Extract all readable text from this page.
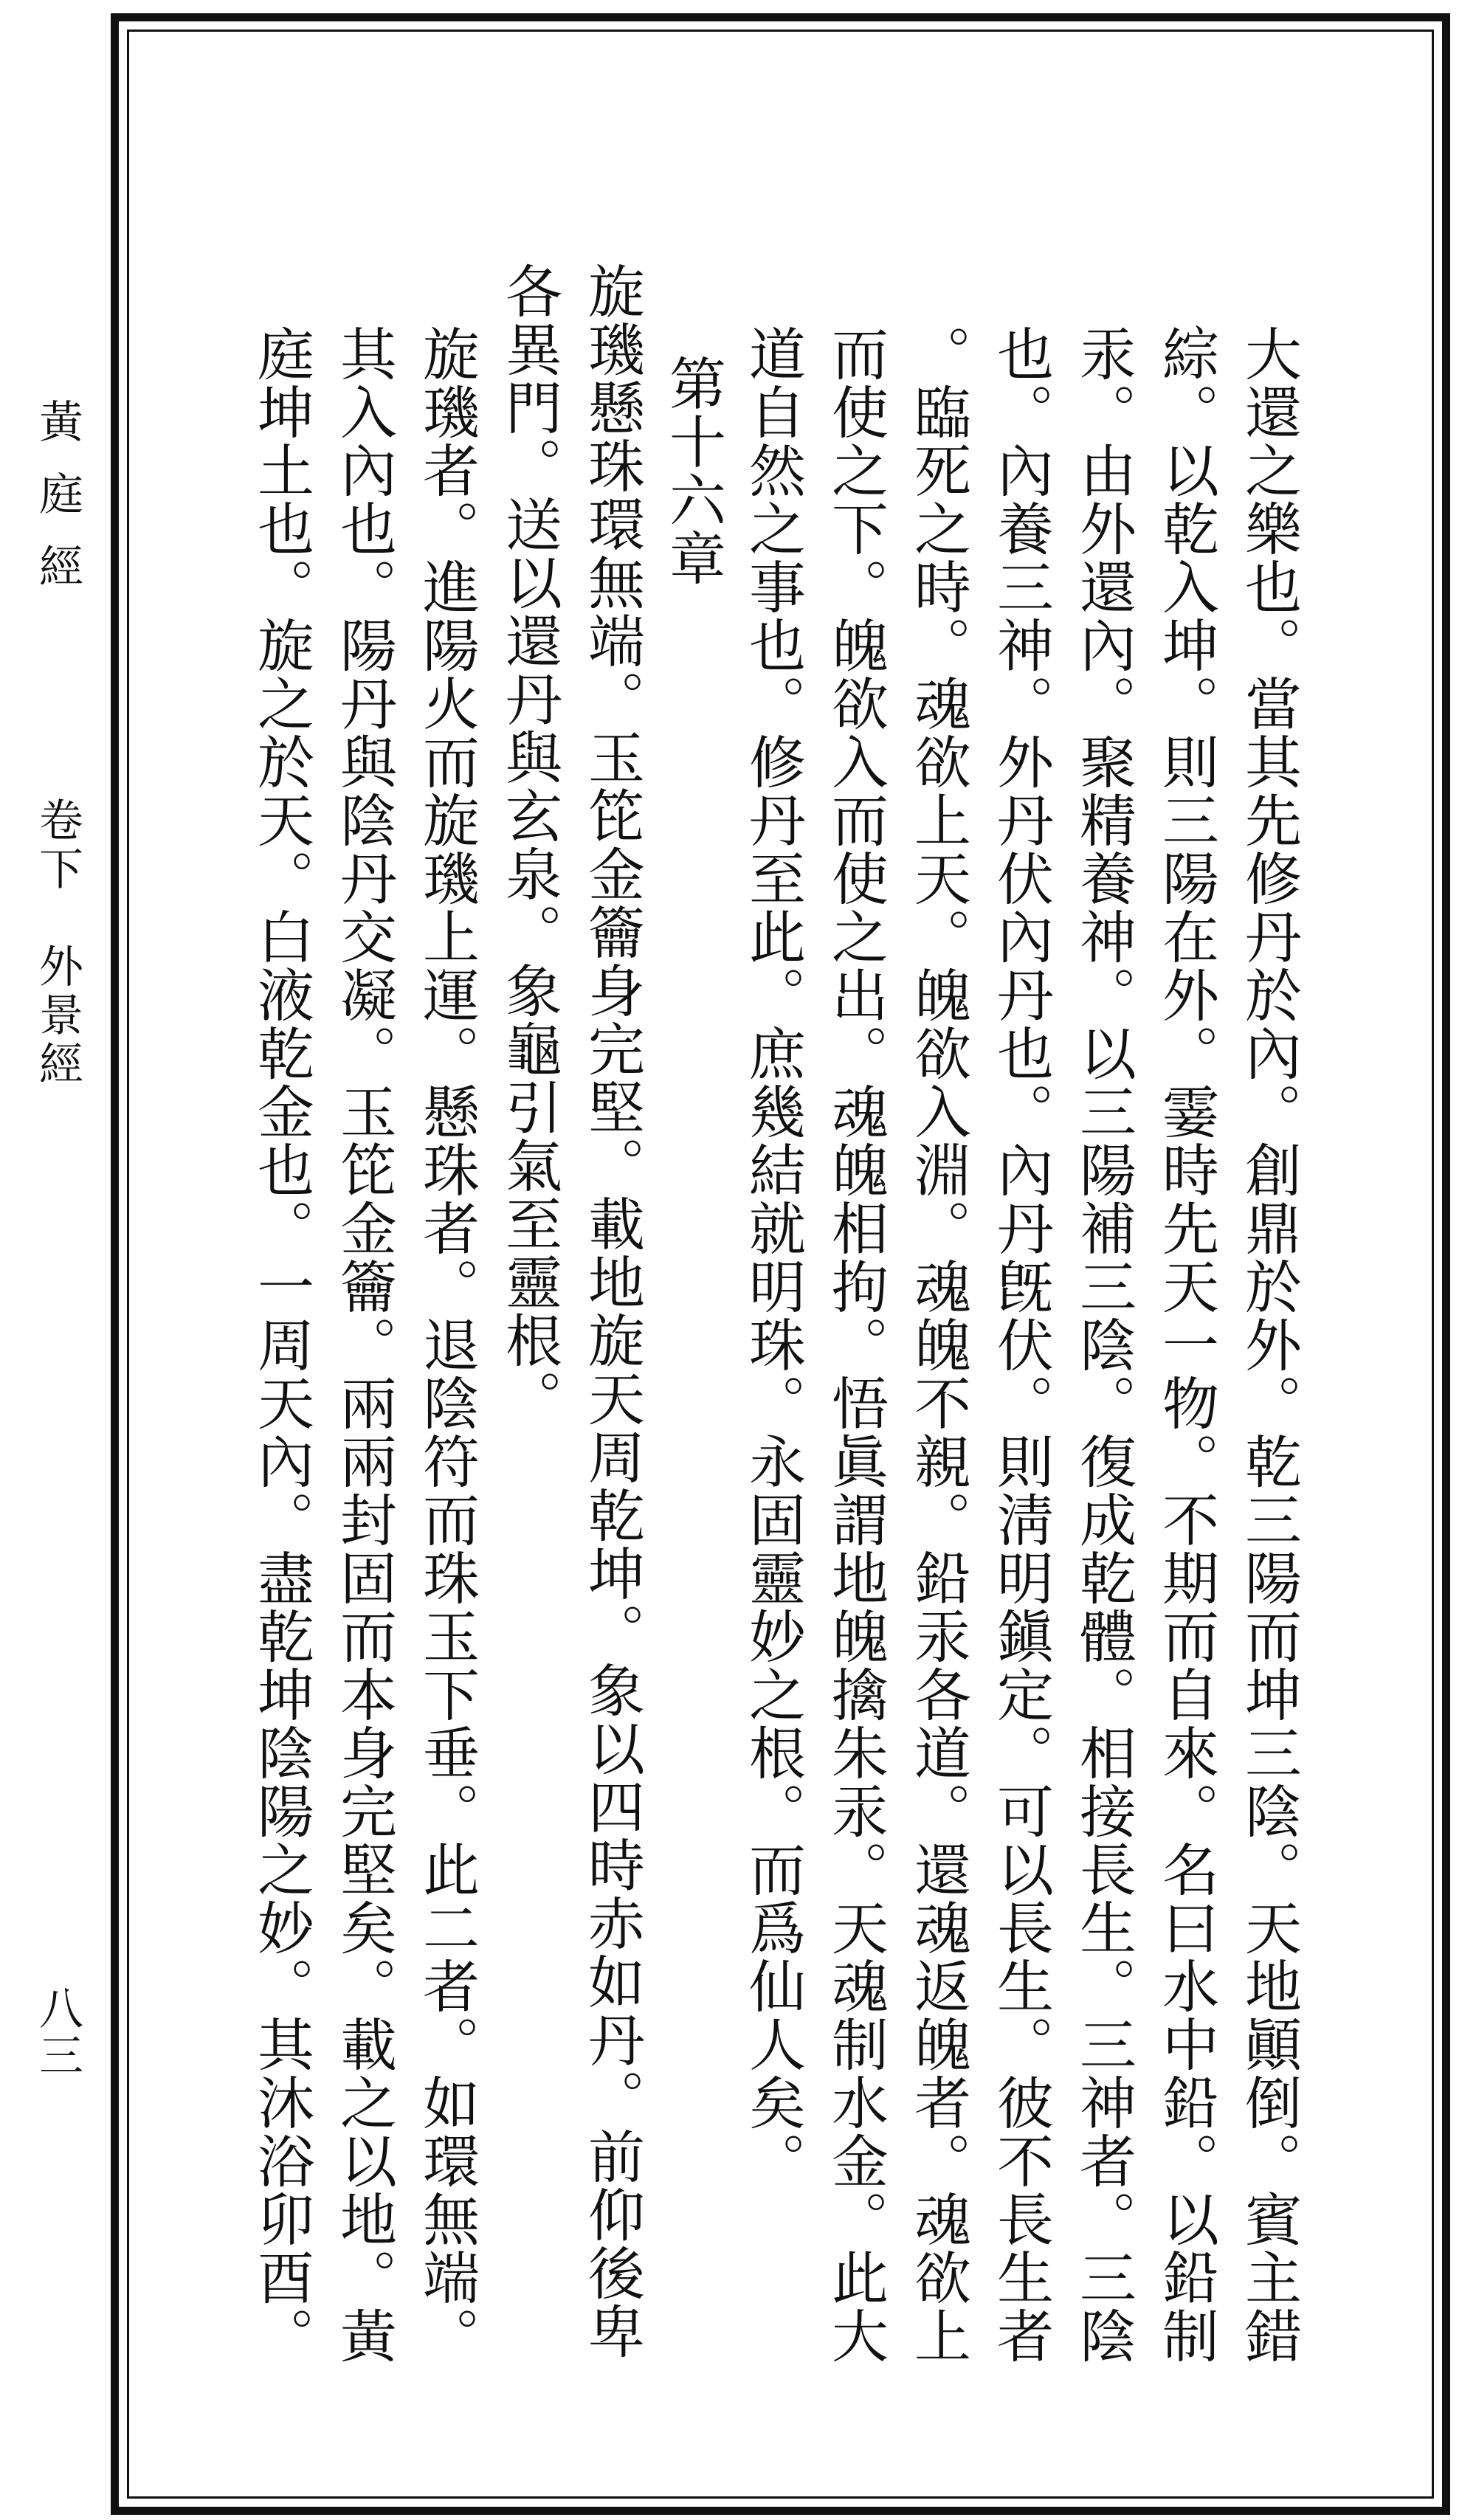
黃庭經
卷下　外景經
八三	大還之樂也。當其先修丹於內。創鼎於外。乾三陽而坤三陰。天地顚倒。賓主錯
綜。以乾入坤。則三陽在外。霎時先天一物。不期而自來。名曰水中鉛。以鉛制
汞。由外還內。聚精養神。以三陽補三陰。復成乾體。相接長生。三神者。三陰
也。內養三神。外丹伏內丹也。內丹旣伏。則淸明鎭定。可以長生。彼不長生者
。臨死之時。魂欲上天。魄欲入淵。魂魄不親。鉛汞各道。還魂返魄者。魂欲上
而使之下。魄欲入而使之出。魂魄相拘。悟眞謂地魄擒朱汞。天魂制水金。此大
道自然之事也。修丹至此。庶幾結就明珠。永固靈妙之根。而爲仙人矣。
第十六章
旋璣懸珠環無端。玉笓金籥身完堅。載地旋天周乾坤。象以四時赤如丹。前仰後卑
各異門。送以還丹與玄泉。象龜引氣至靈根。
旋璣者。進陽火而旋璣上運。懸珠者。退陰符而珠玉下垂。此二者。如環無端。
其入內也。陽丹與陰丹交凝。玉笓金籥。兩兩封固而本身完堅矣。載之以地。黃
庭坤土也。旋之於天。白液乾金也。一周天內。盡乾坤陰陽之妙。其沐浴卯酉。
